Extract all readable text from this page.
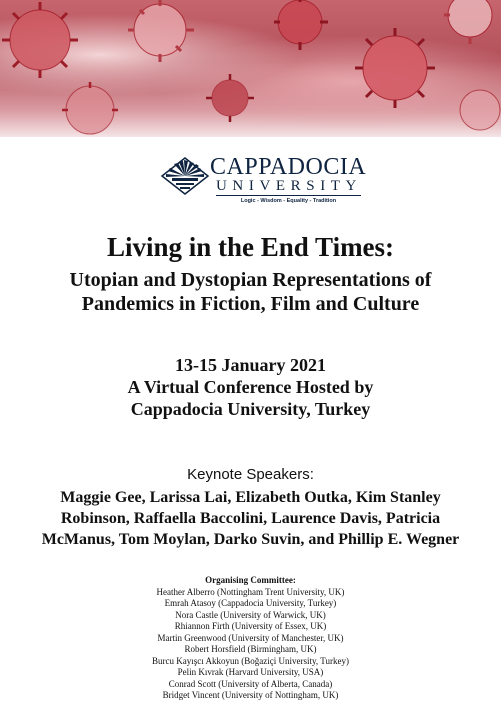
CAPPADOCIA
UNIVERSITY
Logic - Wisdom - Equality - Tradition
Living in the End Times:
Utopian and Dystopian Representations of
Pandemics in Fiction, Film and Culture
13-15 January 2021
A Virtual Conference Hosted by
Cappadocia University, Turkey
Keynote Speakers:
Maggie Gee, Larissa Lai, Elizabeth Outka, Kim Stanley
Robinson, Raffaella Baccolini, Laurence Davis, Patricia
McManus, Tom Moylan, Darko Suvin, and Phillip E. Wegner
Organising Committee:
Heather Alberro (Nottingham Trent University, UK)
Emrah Atasoy (Cappadocia University, Turkey)
Nora Castle (University of Warwick, UK)
Rhiannon Firth (University of Essex, UK)
Martin Greenwood (University of Manchester, UK)
Robert Horsfield (Birmingham, UK)
Burcu Kayışcı Akkoyun (Boğaziçi University, Turkey)
Pelin Kıvrak (Harvard University, USA)
Conrad Scott (University of Alberta, Canada)
Bridget Vincent (University of Nottingham, UK)
